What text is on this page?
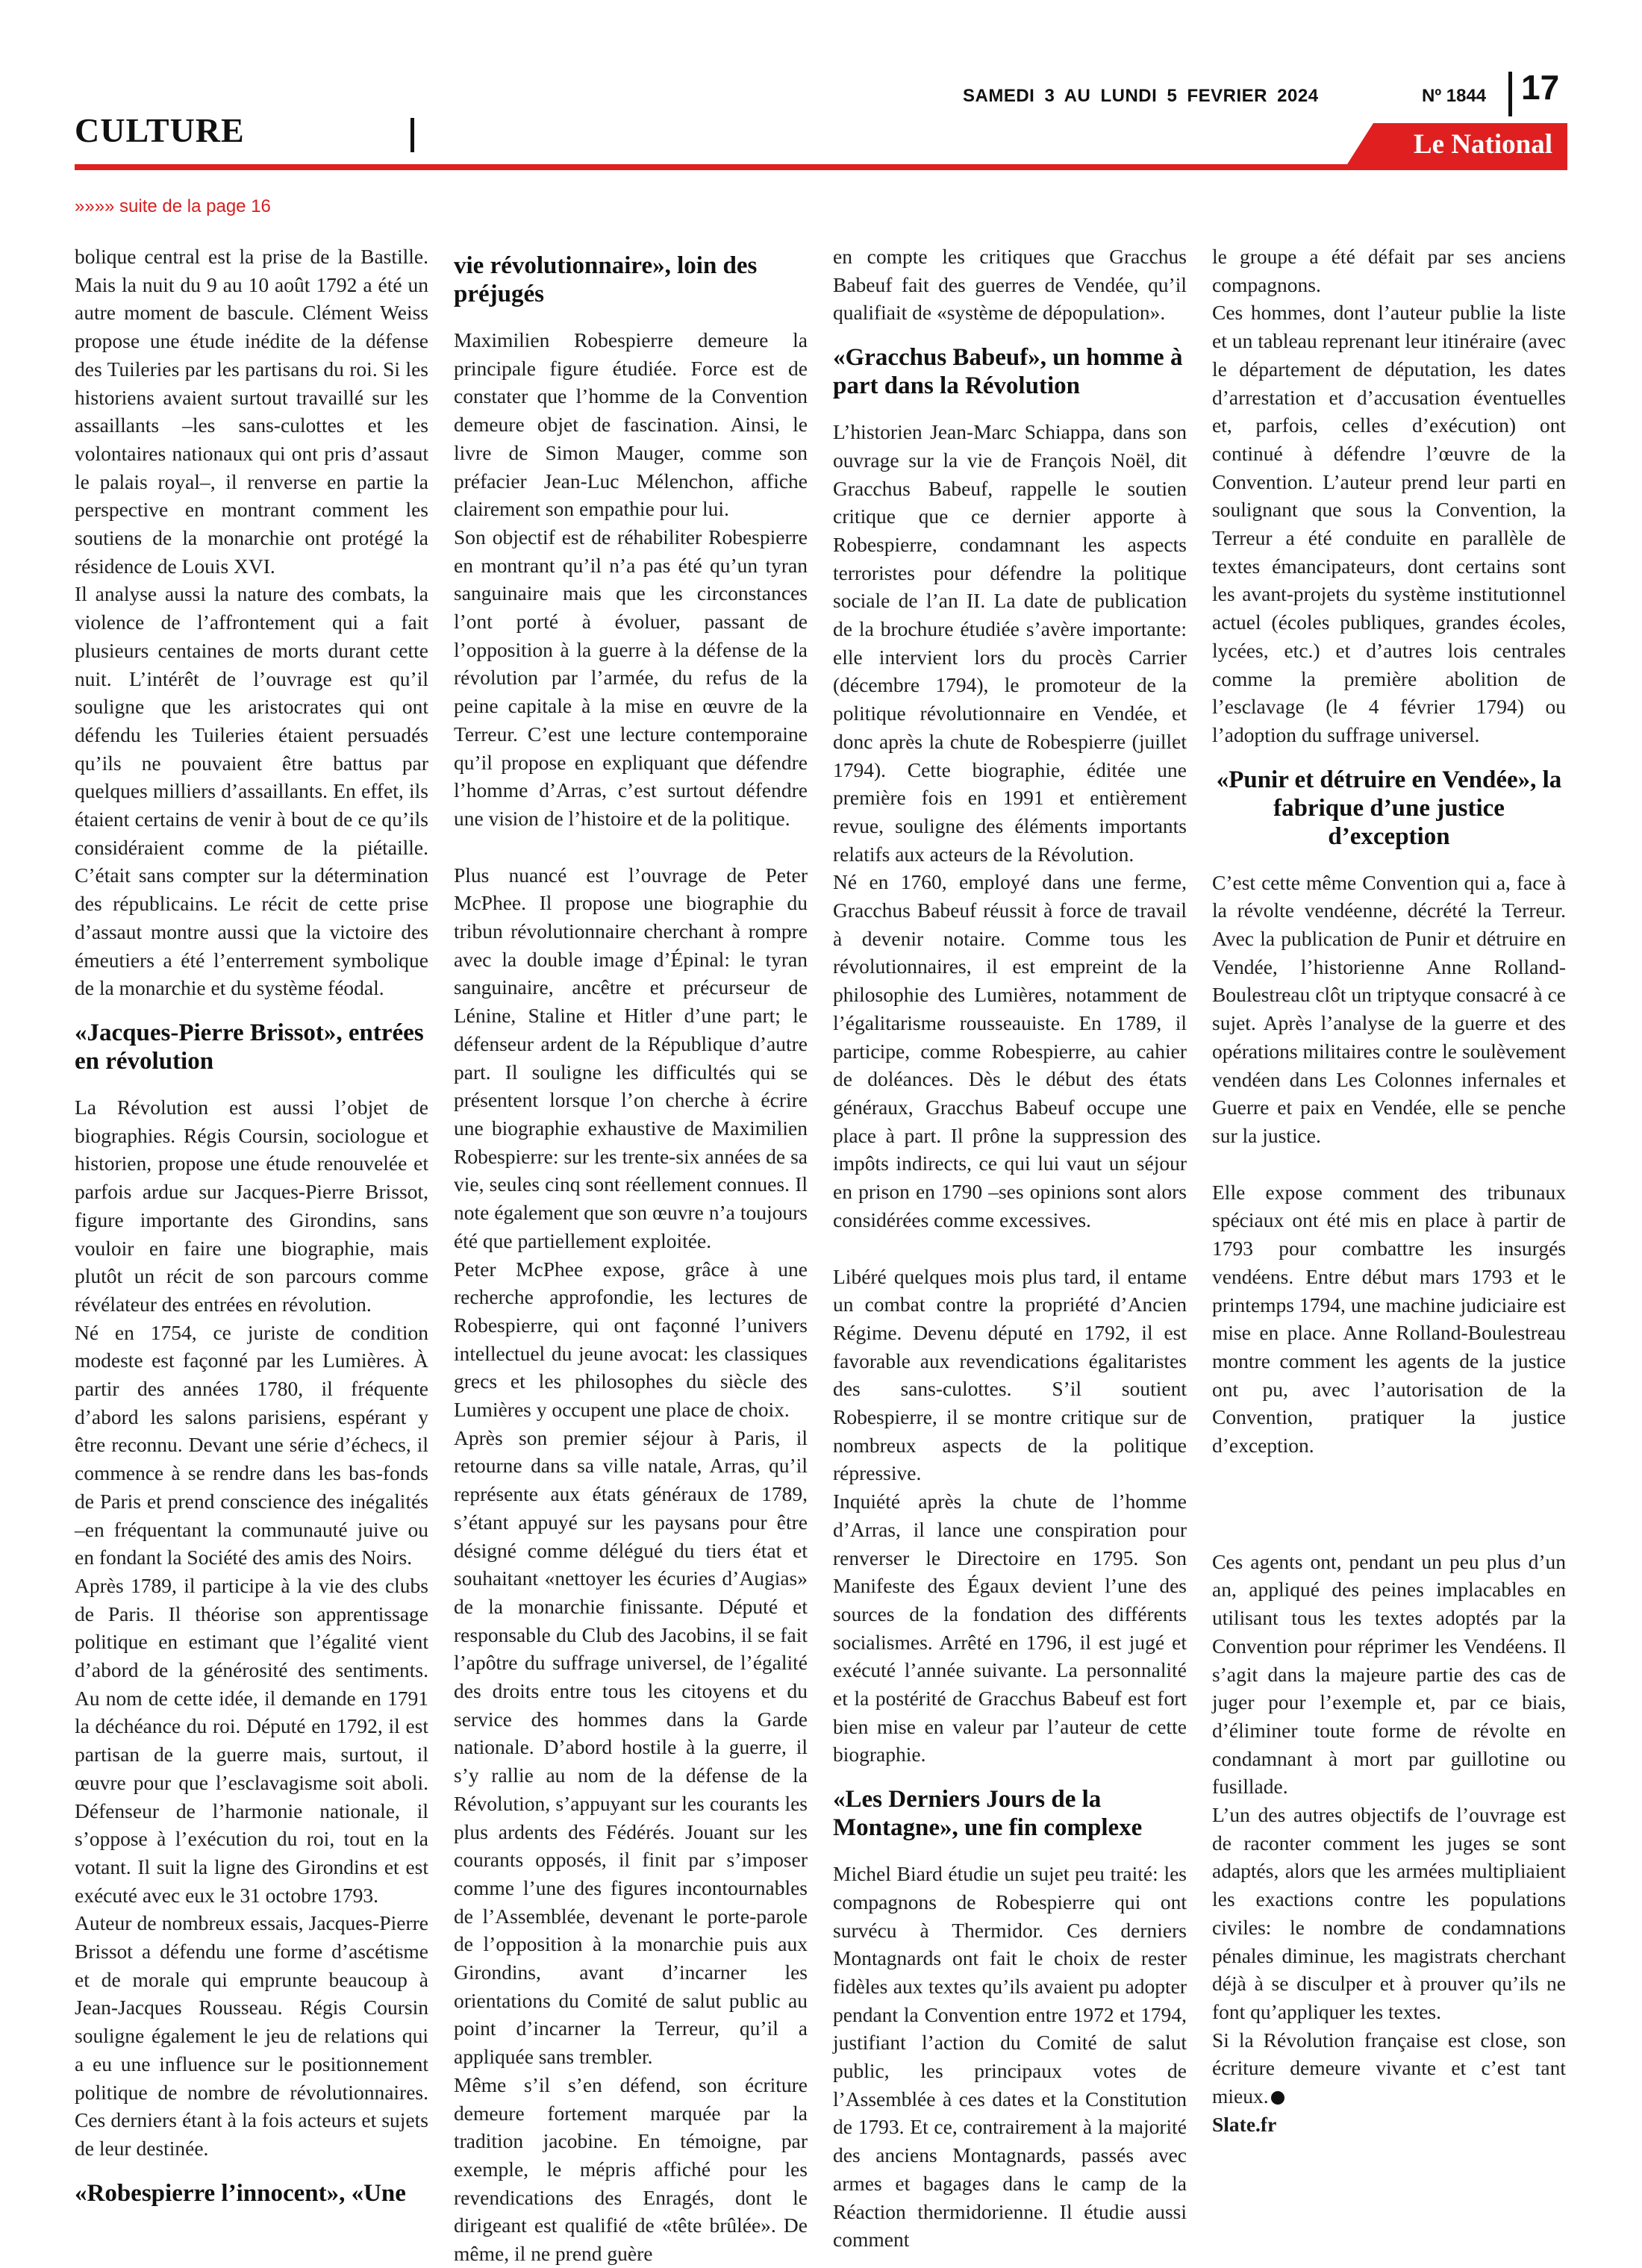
CULTURE
SAMEDI 3 AU LUNDI 5 FEVRIER 2024	Nº 1844 17
Le National
»»»» suite de la page 16

bolique central est la prise de la Bastille. Mais la nuit du 9 au 10 août 1792 a été un autre moment de bascule. Clément Weiss propose une étude inédite de la défense des Tuileries par les partisans du roi. Si les historiens avaient surtout travaillé sur les assaillants –les sans-culottes et les volontaires nationaux qui ont pris d’assaut le palais royal–, il renverse en partie la perspective en montrant comment les soutiens de la monarchie ont protégé la résidence de Louis XVI.

Il analyse aussi la nature des combats, la violence de l’affrontement qui a fait plusieurs centaines de morts durant cette nuit. L’intérêt de l’ouvrage est qu’il souligne que les aristocrates qui ont défendu les Tuileries étaient persuadés qu’ils ne pouvaient être battus par quelques milliers d’assaillants. En effet, ils étaient certains de venir à bout de ce qu’ils considéraient comme de la piétaille. C’était sans compter sur la détermination des républicains. Le récit de cette prise d’assaut montre aussi que la victoire des émeutiers a été l’enterrement symbolique de la monarchie et du système féodal.

«Jacques-Pierre Brissot», entrées en révolution

La Révolution est aussi l’objet de biographies. Régis Coursin, sociologue et historien, propose une étude renouvelée et parfois ardue sur Jacques-Pierre Brissot, figure importante des Girondins, sans vouloir en faire une biographie, mais plutôt un récit de son parcours comme révélateur des entrées en révolution.

Né en 1754, ce juriste de condition modeste est façonné par les Lumières. À partir des années 1780, il fréquente d’abord les salons parisiens, espérant y être reconnu. Devant une série d’échecs, il commence à se rendre dans les bas-fonds de Paris et prend conscience des inégalités –en fréquentant la communauté juive ou en fondant la Société des amis des Noirs.

Après 1789, il participe à la vie des clubs de Paris. Il théorise son apprentissage politique en estimant que l’égalité vient d’abord de la générosité des sentiments. Au nom de cette idée, il demande en 1791 la déchéance du roi. Député en 1792, il est partisan de la guerre mais, surtout, il œuvre pour que l’esclavagisme soit aboli. Défenseur de l’harmonie nationale, il s’oppose à l’exécution du roi, tout en la votant. Il suit la ligne des Girondins et est exécuté avec eux le 31 octobre 1793.

Auteur de nombreux essais, Jacques-Pierre Brissot a défendu une forme d’ascétisme et de morale qui emprunte beaucoup à Jean-Jacques Rousseau. Régis Coursin souligne également le jeu de relations qui a eu une influence sur le positionnement politique de nombre de révolutionnaires. Ces derniers étant à la fois acteurs et sujets de leur destinée.

«Robespierre l’innocent», «Une
vie révolutionnaire», loin des préjugés

Maximilien Robespierre demeure la principale figure étudiée. Force est de constater que l’homme de la Convention demeure objet de fascination. Ainsi, le livre de Simon Mauger, comme son préfacier Jean-Luc Mélenchon, affiche clairement son empathie pour lui.

Son objectif est de réhabiliter Robespierre en montrant qu’il n’a pas été qu’un tyran sanguinaire mais que les circonstances l’ont porté à évoluer, passant de l’opposition à la guerre à la défense de la révolution par l’armée, du refus de la peine capitale à la mise en œuvre de la Terreur. C’est une lecture contemporaine qu’il propose en expliquant que défendre l’homme d’Arras, c’est surtout défendre une vision de l’histoire et de la politique.

Plus nuancé est l’ouvrage de Peter McPhee. Il propose une biographie du tribun révolutionnaire cherchant à rompre avec la double image d’Épinal: le tyran sanguinaire, ancêtre et précurseur de Lénine, Staline et Hitler d’une part; le défenseur ardent de la République d’autre part. Il souligne les difficultés qui se présentent lorsque l’on cherche à écrire une biographie exhaustive de Maximilien Robespierre: sur les trente-six années de sa vie, seules cinq sont réellement connues. Il note également que son œuvre n’a toujours été que partiellement exploitée.

Peter McPhee expose, grâce à une recherche approfondie, les lectures de Robespierre, qui ont façonné l’univers intellectuel du jeune avocat: les classiques grecs et les philosophes du siècle des Lumières y occupent une place de choix.

Après son premier séjour à Paris, il retourne dans sa ville natale, Arras, qu’il représente aux états généraux de 1789, s’étant appuyé sur les paysans pour être désigné comme délégué du tiers état et souhaitant «nettoyer les écuries d’Augias» de la monarchie finissante. Député et responsable du Club des Jacobins, il se fait l’apôtre du suffrage universel, de l’égalité des droits entre tous les citoyens et du service des hommes dans la Garde nationale. D’abord hostile à la guerre, il s’y rallie au nom de la défense de la Révolution, s’appuyant sur les courants les plus ardents des Fédérés. Jouant sur les courants opposés, il finit par s’imposer comme l’une des figures incontournables de l’Assemblée, devenant le porte-parole de l’opposition à la monarchie puis aux Girondins, avant d’incarner les orientations du Comité de salut public au point d’incarner la Terreur, qu’il a appliquée sans trembler.

Même s’il s’en défend, son écriture demeure fortement marquée par la tradition jacobine. En témoigne, par exemple, le mépris affiché pour les revendications des Enragés, dont le dirigeant est qualifié de «tête brûlée». De même, il ne prend guère

en compte les critiques que Gracchus Babeuf fait des guerres de Vendée, qu’il qualifiait de «système de dépopulation».

«Gracchus Babeuf», un homme à part dans la Révolution

L’historien Jean-Marc Schiappa, dans son ouvrage sur la vie de François Noël, dit Gracchus Babeuf, rappelle le soutien critique que ce dernier apporte à Robespierre, condamnant les aspects terroristes pour défendre la politique sociale de l’an II. La date de publication de la brochure étudiée s’avère importante: elle intervient lors du procès Carrier (décembre 1794), le promoteur de la politique révolutionnaire en Vendée, et donc après la chute de Robespierre (juillet 1794). Cette biographie, éditée une première fois en 1991 et entièrement revue, souligne des éléments importants relatifs aux acteurs de la Révolution.

Né en 1760, employé dans une ferme, Gracchus Babeuf réussit à force de travail à devenir notaire. Comme tous les révolutionnaires, il est empreint de la philosophie des Lumières, notamment de l’égalitarisme rousseauiste. En 1789, il participe, comme Robespierre, au cahier de doléances. Dès le début des états généraux, Gracchus Babeuf occupe une place à part. Il prône la suppression des impôts indirects, ce qui lui vaut un séjour en prison en 1790 –ses opinions sont alors considérées comme excessives.

Libéré quelques mois plus tard, il entame un combat contre la propriété d’Ancien Régime. Devenu député en 1792, il est favorable aux revendications égalitaristes des sans-culottes. S’il soutient Robespierre, il se montre critique sur de nombreux aspects de la politique répressive.

Inquiété après la chute de l’homme d’Arras, il lance une conspiration pour renverser le Directoire en 1795. Son Manifeste des Égaux devient l’une des sources de la fondation des différents socialismes. Arrêté en 1796, il est jugé et exécuté l’année suivante. La personnalité et la postérité de Gracchus Babeuf est fort bien mise en valeur par l’auteur de cette biographie.

«Les Derniers Jours de la Montagne», une fin complexe

Michel Biard étudie un sujet peu traité: les compagnons de Robespierre qui ont survécu à Thermidor. Ces derniers Montagnards ont fait le choix de rester fidèles aux textes qu’ils avaient pu adopter pendant la Convention entre 1972 et 1794, justifiant l’action du Comité de salut public, les principaux votes de l’Assemblée à ces dates et la Constitution de 1793. Et ce, contrairement à la majorité des anciens Montagnards, passés avec armes et bagages dans le camp de la Réaction thermidorienne. Il étudie aussi comment

le groupe a été défait par ses anciens compagnons.

Ces hommes, dont l’auteur publie la liste et un tableau reprenant leur itinéraire (avec le département de députation, les dates d’arrestation et d’accusation éventuelles et, parfois, celles d’exécution) ont continué à défendre l’œuvre de la Convention. L’auteur prend leur parti en soulignant que sous la Convention, la Terreur a été conduite en parallèle de textes émancipateurs, dont certains sont les avant-projets du système institutionnel actuel (écoles publiques, grandes écoles, lycées, etc.) et d’autres lois centrales comme la première abolition de l’esclavage (le 4 février 1794) ou l’adoption du suffrage universel.

«Punir et détruire en Vendée», la fabrique d’une justice d’exception

C’est cette même Convention qui a, face à la révolte vendéenne, décrété la Terreur. Avec la publication de Punir et détruire en Vendée, l’historienne Anne Rolland-Boulestreau clôt un triptyque consacré à ce sujet. Après l’analyse de la guerre et des opérations militaires contre le soulèvement vendéen dans Les Colonnes infernales et Guerre et paix en Vendée, elle se penche sur la justice.

Elle expose comment des tribunaux spéciaux ont été mis en place à partir de 1793 pour combattre les insurgés vendéens. Entre début mars 1793 et le printemps 1794, une machine judiciaire est mise en place. Anne Rolland-Boulestreau montre comment les agents de la justice ont pu, avec l’autorisation de la Convention, pratiquer la justice d’exception.

Ces agents ont, pendant un peu plus d’un an, appliqué des peines implacables en utilisant tous les textes adoptés par la Convention pour réprimer les Vendéens. Il s’agit dans la majeure partie des cas de juger pour l’exemple et, par ce biais, d’éliminer toute forme de révolte en condamnant à mort par guillotine ou fusillade.

L’un des autres objectifs de l’ouvrage est de raconter comment les juges se sont adaptés, alors que les armées multipliaient les exactions contre les populations civiles: le nombre de condamnations pénales diminue, les magistrats cherchant déjà à se disculper et à prouver qu’ils ne font qu’appliquer les textes.

Si la Révolution française est close, son écriture demeure vivante et c’est tant mieux.

Slate.fr
